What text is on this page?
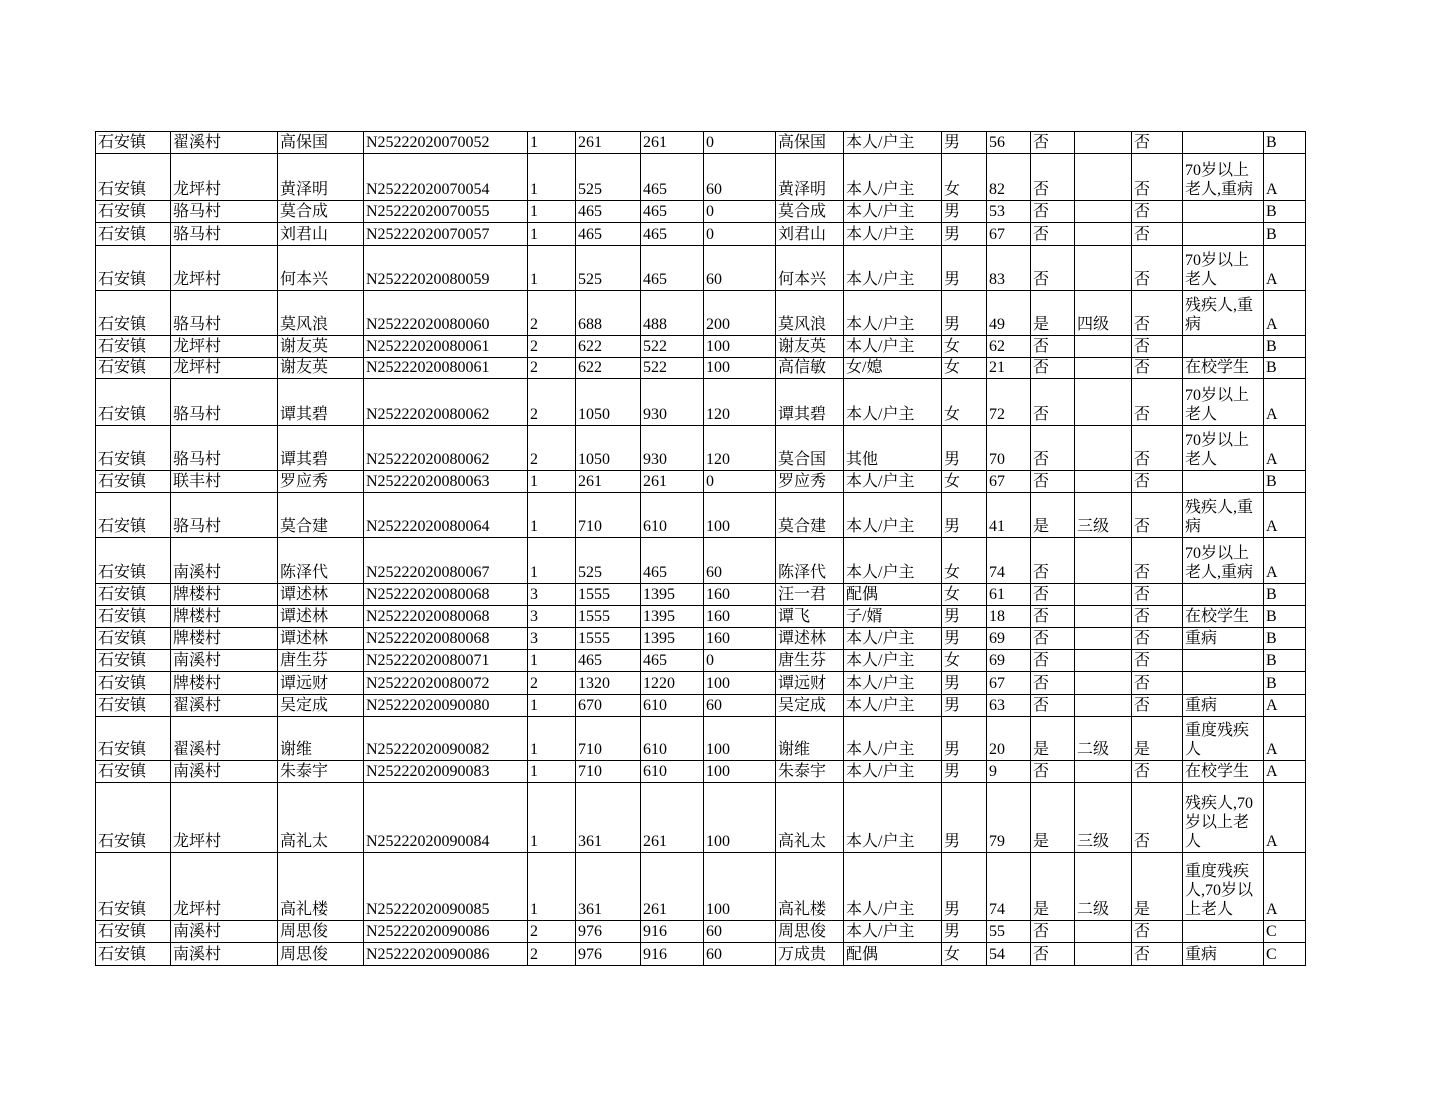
石安镇	翟溪村	高保国	N25222020070052	1	261	261	0	高保国	本人/户主	男	56	否		否		B
石安镇	龙坪村	黄泽明	N25222020070054	1	525	465	60	黄泽明	本人/户主	女	82	否		否	70岁以上老人,重病	A
石安镇	骆马村	莫合成	N25222020070055	1	465	465	0	莫合成	本人/户主	男	53	否		否		B
石安镇	骆马村	刘君山	N25222020070057	1	465	465	0	刘君山	本人/户主	男	67	否		否		B
石安镇	龙坪村	何本兴	N25222020080059	1	525	465	60	何本兴	本人/户主	男	83	否		否	70岁以上老人	A
石安镇	骆马村	莫风浪	N25222020080060	2	688	488	200	莫风浪	本人/户主	男	49	是	四级	否	残疾人,重病	A
石安镇	龙坪村	谢友英	N25222020080061	2	622	522	100	谢友英	本人/户主	女	62	否		否		B
石安镇	龙坪村	谢友英	N25222020080061	2	622	522	100	高信敏	女/媳	女	21	否		否	在校学生	B
石安镇	骆马村	谭其碧	N25222020080062	2	1050	930	120	谭其碧	本人/户主	女	72	否		否	70岁以上老人	A
石安镇	骆马村	谭其碧	N25222020080062	2	1050	930	120	莫合国	其他	男	70	否		否	70岁以上老人	A
石安镇	联丰村	罗应秀	N25222020080063	1	261	261	0	罗应秀	本人/户主	女	67	否		否		B
石安镇	骆马村	莫合建	N25222020080064	1	710	610	100	莫合建	本人/户主	男	41	是	三级	否	残疾人,重病	A
石安镇	南溪村	陈泽代	N25222020080067	1	525	465	60	陈泽代	本人/户主	女	74	否		否	70岁以上老人,重病	A
石安镇	牌楼村	谭述林	N25222020080068	3	1555	1395	160	汪一君	配偶	女	61	否		否		B
石安镇	牌楼村	谭述林	N25222020080068	3	1555	1395	160	谭飞	子/婿	男	18	否		否	在校学生	B
石安镇	牌楼村	谭述林	N25222020080068	3	1555	1395	160	谭述林	本人/户主	男	69	否		否	重病	B
石安镇	南溪村	唐生芬	N25222020080071	1	465	465	0	唐生芬	本人/户主	女	69	否		否		B
石安镇	牌楼村	谭远财	N25222020080072	2	1320	1220	100	谭远财	本人/户主	男	67	否		否		B
石安镇	翟溪村	吴定成	N25222020090080	1	670	610	60	吴定成	本人/户主	男	63	否		否	重病	A
石安镇	翟溪村	谢维	N25222020090082	1	710	610	100	谢维	本人/户主	男	20	是	二级	是	重度残疾人	A
石安镇	南溪村	朱泰宇	N25222020090083	1	710	610	100	朱泰宇	本人/户主	男	9	否		否	在校学生	A
石安镇	龙坪村	高礼太	N25222020090084	1	361	261	100	高礼太	本人/户主	男	79	是	三级	否	残疾人,70岁以上老人	A
石安镇	龙坪村	高礼楼	N25222020090085	1	361	261	100	高礼楼	本人/户主	男	74	是	二级	是	重度残疾人,70岁以上老人	A
石安镇	南溪村	周思俊	N25222020090086	2	976	916	60	周思俊	本人/户主	男	55	否		否		C
石安镇	南溪村	周思俊	N25222020090086	2	976	916	60	万成贵	配偶	女	54	否		否	重病	C
